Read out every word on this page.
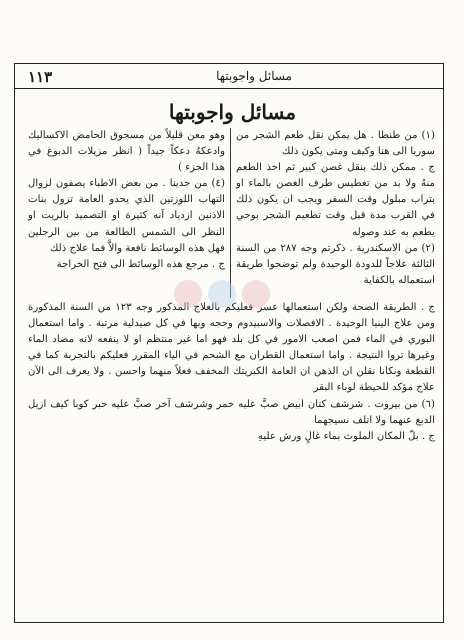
١١٣	مسائل واجوبتها
مسائل واجوبتها

(١) من طنطا . هل يمكن نقل طعم الشجر من سوريا الى هنا وكيف ومتى يكون ذلك

ج . ممكن ذلك بنقل غصن كبير ثم اخذ الطعم منهُ ولا بد من تغطيس طرف الغصن بالماء او بتراب مبلول وقت السفر ويجب ان يكون ذلك في القرب مدة قبل وقت تطعيم الشجر بوحي يطعم به عند وصوله

(٢) من الاسكندرية . ذكرتم وجه ٢٨٧ من السنة الثالثة علاجاً للدودة الوحيدة ولم توضحوا طريقة استعماله بالكفاية

وهو معن قليلاً من مسحوق الحامض الاكساليك وادعكهُ دعكاً جيداً ( انظر مزيلات الدبوغ في هذا الجزء )

(٤) من جدينا . من بعض الاطباء يصفون لزوال التهاب اللوزتين الذي يحدو العامة تزول بنات الاذنين ازدياد آنه كثيرة او التصميد بالريت او النظر الى الشمس الطالعة من بين الرجلين فهل هذه الوسائط نافعة والاَّ فما علاج ذلك

ج . مرجع هذه الوسائط الى فتح الخراجة

ج . الطريقة الصحة ولكن استعمالها عسر فعليكم بالعلاج المذكور وجه ١٢٣ من السنة المذكورة ومن علاج الينيا الوحيدة . الافصلات والاسبيدوم وحجه وبها في كل صيدلية مرتبة . واما استعمال البوري في الماء فمن اصعب الامور في كل بلد فهو اما غير منتظم او لا ينفعه لانه مضاد الماء وغيرها تروا النتيجة . واما استعمال القطران مع الشحم في الياء المقرر فعليكم بالتجربة كما في القطعة ونكانا نقلن ان الذهن ان العامة الكبريتك المخفف فعلاً منهما واحسن . ولا يعرف الى الآن علاج مؤكد للحيطة لوباء البقر

(٦) من بيروت . شرشف كتان ابيض صبَّ عليه خمر وشرشف آخر صبَّ عليه حبر كوبا كيف ازيل الدبغ عنهما ولا اتلف نسيجهما

ج . بلّ المكان الملوث بماء غالٍ ورش عليهِ
